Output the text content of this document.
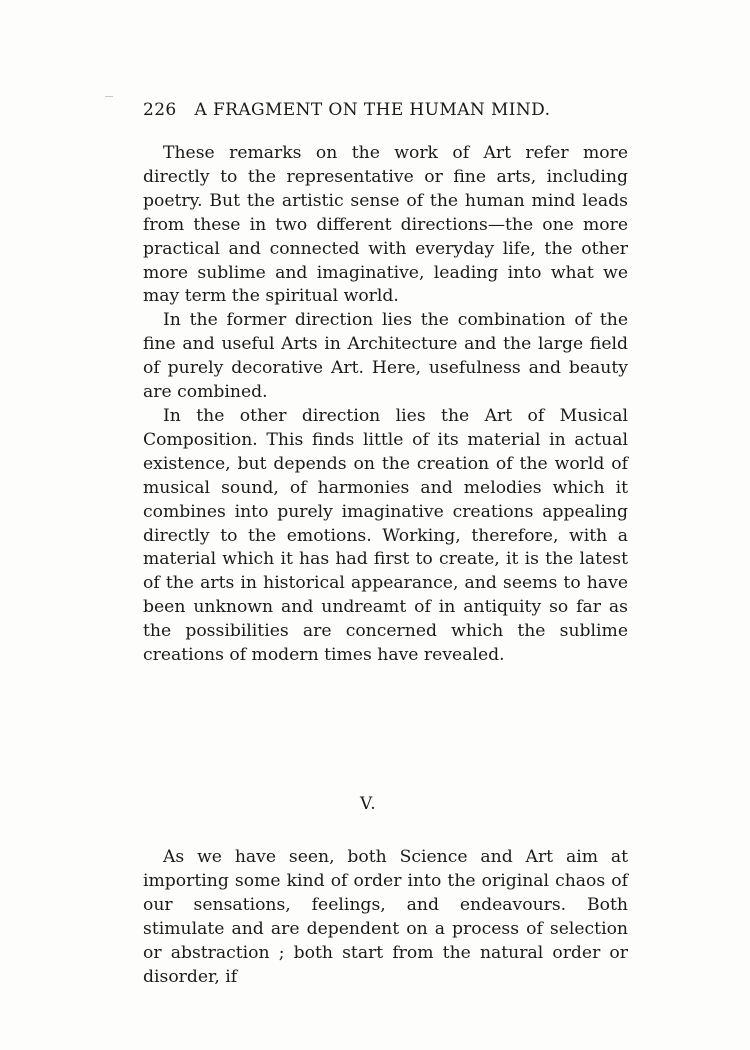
226 A FRAGMENT ON THE HUMAN MIND.

These remarks on the work of Art refer more directly to the representative or fine arts, including poetry. But the artistic sense of the human mind leads from these in two different directions—the one more practical and connected with everyday life, the other more sublime and imaginative, leading into what we may term the spiritual world.

In the former direction lies the combination of the fine and useful Arts in Architecture and the large field of purely decorative Art. Here, usefulness and beauty are combined.

In the other direction lies the Art of Musical Composition. This finds little of its material in actual existence, but depends on the creation of the world of musical sound, of harmonies and melodies which it combines into purely imaginative creations appealing directly to the emotions. Working, therefore, with a material which it has had first to create, it is the latest of the arts in historical appearance, and seems to have been unknown and undreamt of in antiquity so far as the possibilities are concerned which the sublime creations of modern times have revealed.

V.

As we have seen, both Science and Art aim at importing some kind of order into the original chaos of our sensations, feelings, and endeavours. Both stimulate and are dependent on a process of selection or abstraction ; both start from the natural order or disorder, if
